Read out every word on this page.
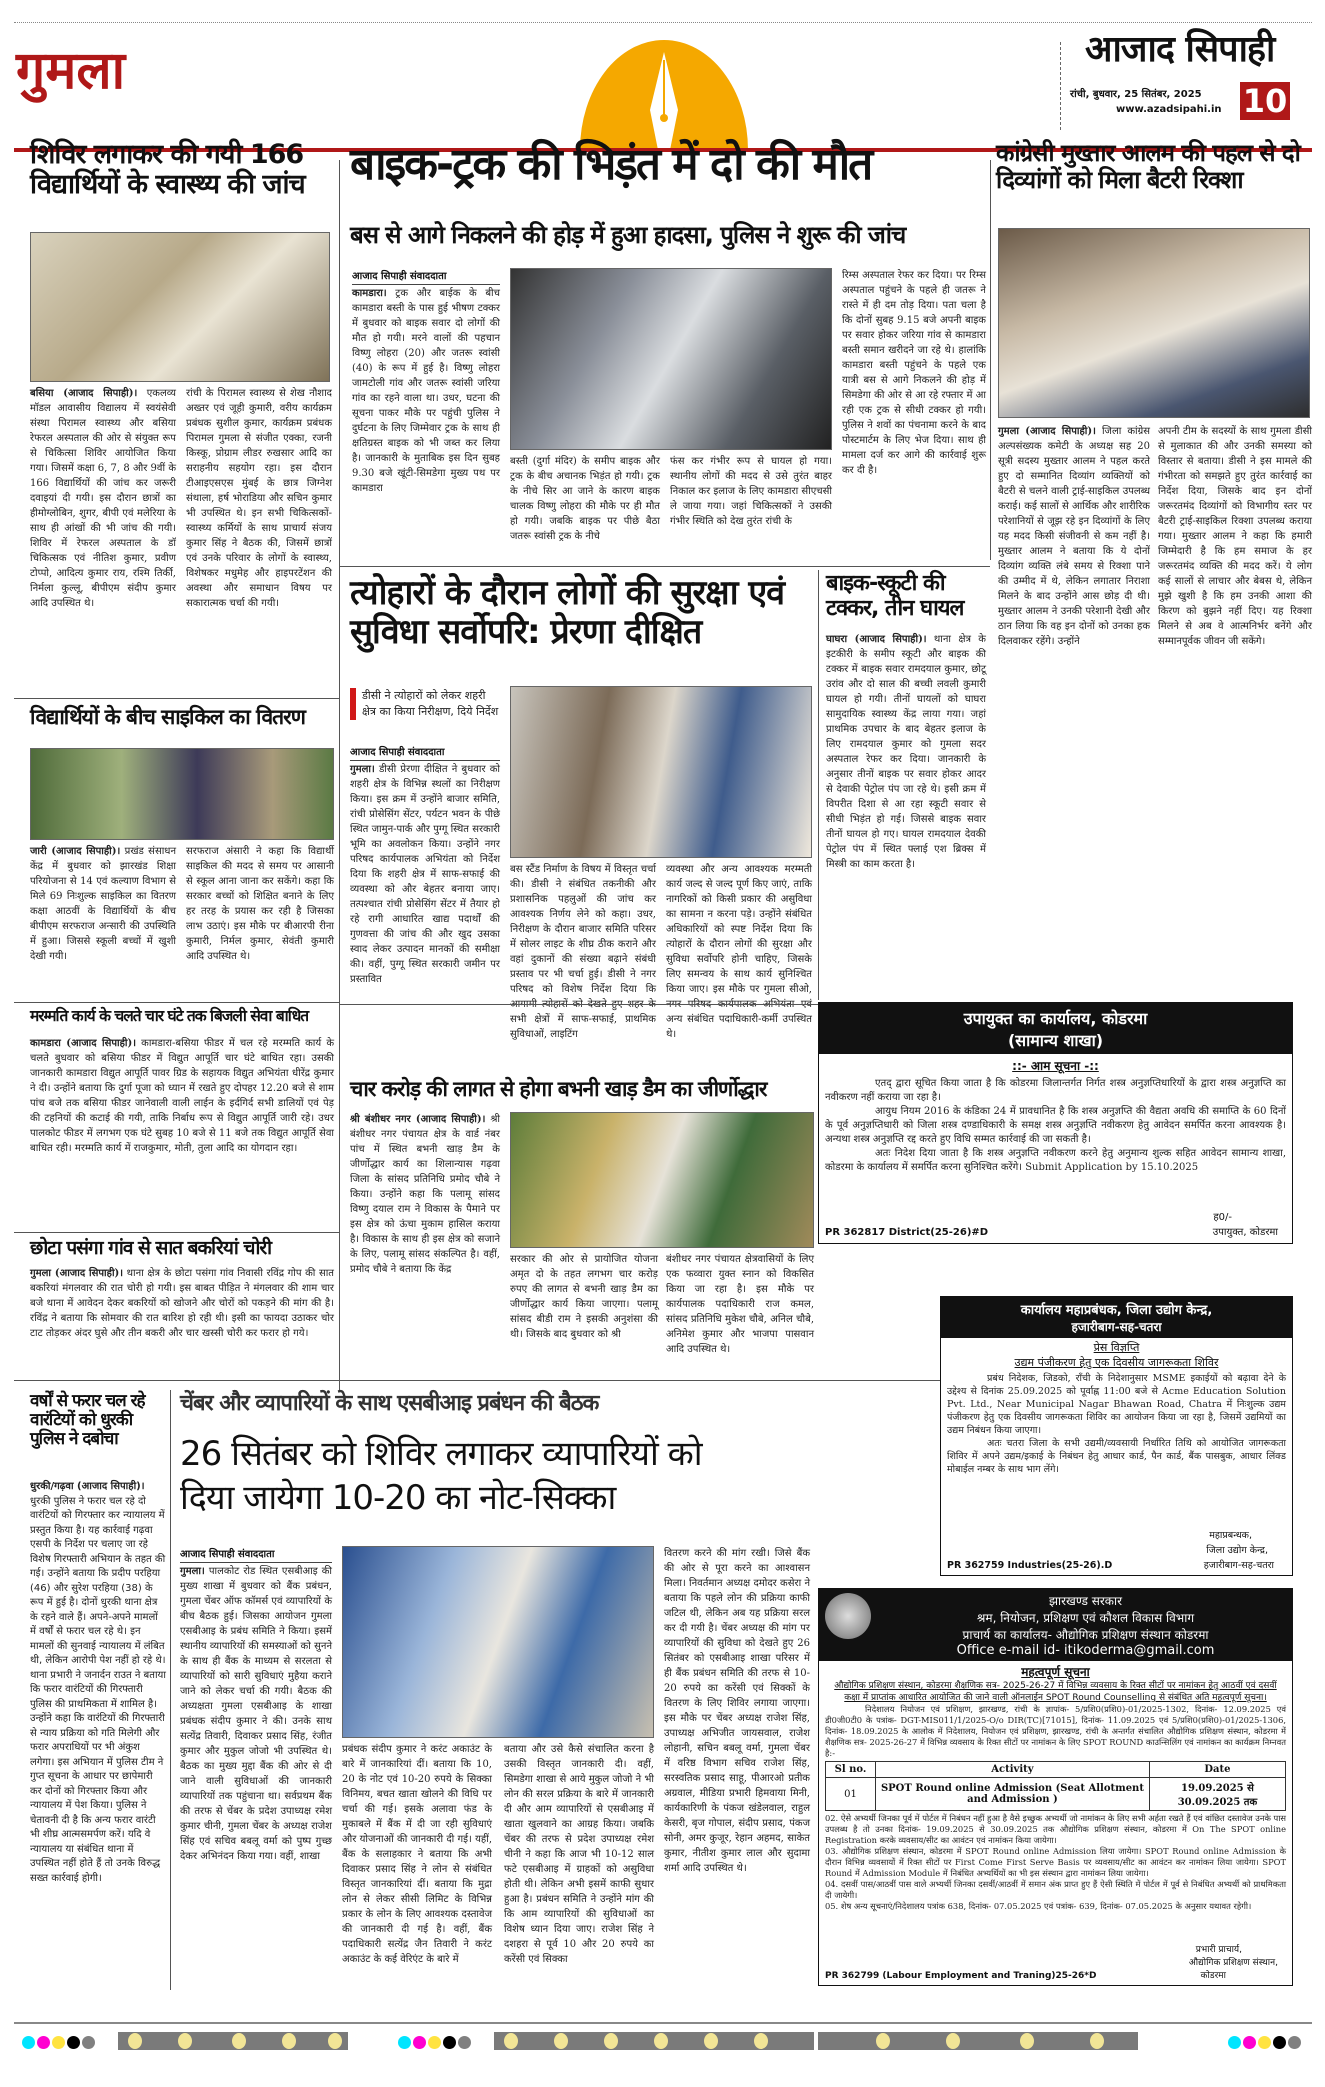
गुमला	आजाद सिपाही
रांची, बुधवार, 25 सितंबर, 2025
www.azadsipahi.in 10
शिविर लगाकर की गयी 166 विद्यार्थियों के स्वास्थ्य की जांच
बसिया (आजाद सिपाही)। एकलव्य मॉडल आवासीय विद्यालय में स्वयंसेवी संस्था पिरामल स्वास्थ्य और बसिया रेफरल अस्पताल की ओर से संयुक्त रूप से चिकित्सा शिविर आयोजित किया गया। जिसमें कक्षा 6, 7, 8 और 9वीं के 166 विद्यार्थियों की जांच कर जरूरी दवाइयां दी गयी। इस दौरान छात्रों का हीमोग्लोबिन, शुगर, बीपी एवं मलेरिया के साथ ही आंखों की भी जांच की गयी। शिविर में रेफरल अस्पताल के डॉ चिकित्सक एवं नीतिश कुमार, प्रवीण टोप्पो, आदित्य कुमार राय, रश्मि तिर्की, निर्मला कुल्लू, बीपीएम संदीप कुमार आदि उपस्थित थे।
रांची के पिरामल स्वास्थ्य से शेख नौशाद अख्तर एवं जूही कुमारी, वरीय कार्यक्रम प्रबंधक सुशील कुमार, कार्यक्रम प्रबंधक पिरामल गुमला से संजीत एक्का, रजनी किस्कू, प्रोग्राम लीडर रुखसार आदि का सराहनीय सहयोग रहा। इस दौरान टीआइएसएस मुंबई के छात्र जिग्नेश संथाला, हर्ष भोराडिया और सचिन कुमार भी उपस्थित थे। इन सभी चिकित्सकों-स्वास्थ्य कर्मियों के साथ प्राचार्य संजय कुमार सिंह ने बैठक की, जिसमें छात्रों एवं उनके परिवार के लोगों के स्वास्थ्य, विशेषकर मधुमेह और हाइपरटेंशन की अवस्था और समाधान विषय पर सकारात्मक चर्चा की गयी।
बाइक-ट्रक की भिड़ंत में दो की मौत
बस से आगे निकलने की होड़ में हुआ हादसा, पुलिस ने शुरू की जांच
आजाद सिपाही संवाददाता
कामडारा। ट्रक और बाईक के बीच कामडारा बस्ती के पास हुई भीषण टक्कर में बुधवार को बाइक सवार दो लोगों की मौत हो गयी। मरने वालों की पहचान विष्णु लोहरा (20) और जतरू स्वांसी (40) के रूप में हुई है। विष्णु लोहरा जामटोली गांव और जतरू स्वांसी जरिया गांव का रहने वाला था। उधर, घटना की सूचना पाकर मौके पर पहुंची पुलिस ने दुर्घटना के लिए जिम्मेवार ट्रक के साथ ही क्षतिग्रस्त बाइक को भी जब्त कर लिया है। जानकारी के मुताबिक इस दिन सुबह 9.30 बजे खूंटी-सिमडेगा मुख्य पथ पर कामडारा
बस्ती (दुर्गा मंदिर) के समीप बाइक और ट्रक के बीच अचानक भिड़ंत हो गयी। ट्रक के नीचे सिर आ जाने के कारण बाइक चालक विष्णु लोहरा की मौके पर ही मौत हो गयी। जबकि बाइक पर पीछे बैठा जतरू स्वांसी ट्रक के नीचे
फंस कर गंभीर रूप से घायल हो गया। स्थानीय लोगों की मदद से उसे तुरंत बाहर निकाल कर इलाज के लिए कामडारा सीएचसी ले जाया गया। जहां चिकित्सकों ने उसकी गंभीर स्थिति को देख तुरंत रांची के
रिम्स अस्पताल रेफर कर दिया। पर रिम्स अस्पताल पहुंचने के पहले ही जतरू ने रास्ते में ही दम तोड़ दिया। पता चला है कि दोनों सुबह 9.15 बजे अपनी बाइक पर सवार होकर जरिया गांव से कामडारा बस्ती समान खरीदने जा रहे थे। हालांकि कामडारा बस्ती पहुंचने के पहले एक यात्री बस से आगे निकलने की होड़ में सिमडेगा की ओर से आ रहे रफ्तार में आ रही एक ट्रक से सीधी टक्कर हो गयी। पुलिस ने शवों का पंचनामा करने के बाद पोस्टमार्टम के लिए भेज दिया। साथ ही मामला दर्ज कर आगे की कार्रवाई शुरू कर दी है।
कांग्रेसी मुख्तार आलम की पहल से दो दिव्यांगों को मिला बैटरी रिक्शा
गुमला (आजाद सिपाही)। जिला कांग्रेस अल्पसंख्यक कमेटी के अध्यक्ष सह 20 सूत्री सदस्य मुख्तार आलम ने पहल करते हुए दो सम्मानित दिव्यांग व्यक्तियों को बैटरी से चलने वाली ट्राई-साइकिल उपलब्ध कराई। कई सालों से आर्थिक और शारीरिक परेशानियों से जूझ रहे इन दिव्यांगों के लिए यह मदद किसी संजीवनी से कम नहीं है। मुख्तार आलम ने बताया कि ये दोनों दिव्यांग व्यक्ति लंबे समय से रिक्शा पाने की उम्मीद में थे, लेकिन लगातार निराशा मिलने के बाद उन्होंने आस छोड़ दी थी। मुख्तार आलम ने उनकी परेशानी देखी और ठान लिया कि वह इन दोनों को उनका हक दिलवाकर रहेंगे। उन्होंने
अपनी टीम के सदस्यों के साथ गुमला डीसी से मुलाकात की और उनकी समस्या को विस्तार से बताया। डीसी ने इस मामले की गंभीरता को समझते हुए तुरंत कार्रवाई का निर्देश दिया, जिसके बाद इन दोनों जरूरतमंद दिव्यांगों को विभागीय स्तर पर बैटरी ट्राई-साइकिल रिक्शा उपलब्ध कराया गया। मुख्तार आलम ने कहा कि हमारी जिम्मेदारी है कि हम समाज के हर जरूरतमंद व्यक्ति की मदद करें। ये लोग कई सालों से लाचार और बेबस थे, लेकिन मुझे खुशी है कि हम उनकी आशा की किरण को बुझने नहीं दिए। यह रिक्शा मिलने से अब वे आत्मनिर्भर बनेंगे और सम्मानपूर्वक जीवन जी सकेंगे।
त्योहारों के दौरान लोगों की सुरक्षा एवं सुविधा सर्वोपरि: प्रेरणा दीक्षित
डीसी ने त्योहारों को लेकर शहरी क्षेत्र का किया निरीक्षण, दिये निर्देश
आजाद सिपाही संवाददाता
गुमला। डीसी प्रेरणा दीक्षित ने बुधवार को शहरी क्षेत्र के विभिन्न स्थलों का निरीक्षण किया। इस क्रम में उन्होंने बाजार समिति, रांची प्रोसेसिंग सेंटर, पर्यटन भवन के पीछे स्थित जामुन-पार्क और पुग्गू स्थित सरकारी भूमि का अवलोकन किया। उन्होंने नगर परिषद कार्यपालक अभियंता को निर्देश दिया कि शहरी क्षेत्र में साफ-सफाई की व्यवस्था को और बेहतर बनाया जाए। तत्पश्चात रांची प्रोसेसिंग सेंटर में तैयार हो रहे रागी आधारित खाद्य पदार्थों की गुणवत्ता की जांच की और खुद उसका स्वाद लेकर उत्पादन मानकों की समीक्षा की। वहीं, पुग्गू स्थित सरकारी जमीन पर प्रस्तावित
बस स्टैंड निर्माण के विषय में विस्तृत चर्चा की। डीसी ने संबंधित तकनीकी और प्रशासनिक पहलुओं की जांच कर आवश्यक निर्णय लेने को कहा। उधर, निरीक्षण के दौरान बाजार समिति परिसर में सोलर लाइट के शीघ्र ठीक कराने और वहां दुकानों की संख्या बढ़ाने संबंधी प्रस्ताव पर भी चर्चा हुई। डीसी ने नगर परिषद को विशेष निर्देश दिया कि सभी क्षेत्रों में साफ-सफाई, प्राथमिक सुविधाओं, लाइटिंग
व्यवस्था और अन्य आवश्यक मरम्मती कार्य जल्द से जल्द पूर्ण किए जाएं, ताकि नागरिकों को किसी प्रकार की असुविधा का सामना न करना पड़े। उन्होंने संबंधित अधिकारियों को स्पष्ट निर्देश दिया कि त्योहारों के दौरान लोगों की सुरक्षा और सुविधा सर्वोपरि होनी चाहिए, जिसके लिए समन्वय के साथ कार्य सुनिश्चित किया जाए। इस मौके पर गुमला सीओ, अन्य संबंधित पदाधिकारी-कर्मी उपस्थित थे।
बाइक-स्कूटी की टक्कर, तीन घायल
घाघरा (आजाद सिपाही)। थाना क्षेत्र के इटकीरी के समीप स्कूटी और बाइक की टक्कर में बाइक सवार रामदयाल कुमार, छोटू उरांव और दो साल की बच्ची लवली कुमारी घायल हो गयी। तीनों घायलों को घाघरा सामुदायिक स्वास्थ्य केंद्र लाया गया। जहां प्राथमिक उपचार के बाद बेहतर इलाज के लिए रामदयाल कुमार को गुमला सदर अस्पताल रेफर कर दिया। जानकारी के अनुसार तीनों बाइक पर सवार होकर आदर से देवाकी पेट्रोल पंप जा रहे थे। इसी क्रम में विपरीत दिशा से आ रहा स्कूटी सवार से सीधी भिड़ंत हो गई। जिससे बाइक सवार तीनों घायल हो गए। घायल रामदयाल देवकी पेट्रोल पंप में स्थित फ्लाई एश ब्रिक्स में मिस्त्री का काम करता है।
विद्यार्थियों के बीच साइकिल का वितरण
जारी (आजाद सिपाही)। प्रखंड संसाधन केंद्र में बुधवार को झारखंड शिक्षा परियोजना से 14 एवं कल्याण विभाग से मिले 69 निःशुल्क साइकिल का वितरण कक्षा आठवीं के विद्यार्थियों के बीच बीपीएम सरफराज अन्सारी की उपस्थिति में हुआ। जिससे स्कूली बच्चों में खुशी देखी गयी।
सरफराज अंसारी ने कहा कि विद्यार्थी साइकिल की मदद से समय पर आसानी से स्कूल आना जाना कर सकेंगे। कहा कि सरकार बच्चों को शिक्षित बनाने के लिए हर तरह के प्रयास कर रही है जिसका लाभ उठाएं। इस मौके पर बीआरपी रीना कुमारी, निर्मल कुमार, सेवंती कुमारी आदि उपस्थित थे।
मरम्मति कार्य के चलते चार घंटे तक बिजली सेवा बाधित
कामडारा (आजाद सिपाही)। कामडारा-बसिया फीडर में चल रहे मरम्मति कार्य के चलते बुधवार को बसिया फीडर में विद्युत आपूर्ति चार घंटे बाधित रहा। उसकी जानकारी कामडारा विद्युत आपूर्ति पावर ग्रिड के सहायक विद्युत अभियंता धीरेंद्र कुमार ने दी। उन्होंने बताया कि दुर्गा पूजा को ध्यान में रखते हुए दोपहर 12.20 बजे से शाम पांच बजे तक बसिया फीडर जानेवाली वाली लाईन के इर्दगिर्द सभी डालियों एवं पेड़ की टहनियों की कटाई की गयी, ताकि निर्बाध रूप से विद्युत आपूर्ति जारी रहे। उधर पालकोट फीडर में लगभग एक घंटे सुबह 10 बजे से 11 बजे तक विद्युत आपूर्ति सेवा बाधित रही। मरम्मति कार्य में राजकुमार, मोती, तुला आदि का योगदान रहा।
छोटा पसंगा गांव से सात बकरियां चोरी
गुमला (आजाद सिपाही)। थाना क्षेत्र के छोटा पसंगा गांव निवासी रविंद्र गोप की सात बकरियां मंगलवार की रात चोरी हो गयी। इस बाबत पीड़ित ने मंगलवार की शाम चार बजे थाना में आवेदन देकर बकरियों को खोजने और चोरों को पकड़ने की मांग की है। रविंद्र ने बताया कि सोमवार की रात बारिश हो रही थी। इसी का फायदा उठाकर चोर टाट तोड़कर अंदर घुसे और तीन बकरी और चार खस्सी चोरी कर फरार हो गये।
चार करोड़ की लागत से होगा बभनी खाड़ डैम का जीर्णोद्धार
श्री बंशीधर नगर (आजाद सिपाही)। श्री बंशीधर नगर पंचायत क्षेत्र के वार्ड नंबर पांच में स्थित बभनी खाड़ डैम के जीर्णोद्धार कार्य का शिलान्यास गढ़वा जिला के सांसद प्रतिनिधि प्रमोद चौबे ने किया। उन्होंने कहा कि पलामू सांसद विष्णु दयाल राम ने विकास के पैमाने पर इस क्षेत्र को ऊंचा मुकाम हासिल कराया है। विकास के साथ ही इस क्षेत्र को सजाने के लिए, पलामू सांसद संकल्पित है। वहीं, प्रमोद चौबे ने बताया कि केंद्र
सरकार की ओर से प्रायोजित योजना अमृत दो के तहत लगभग चार करोड़ रुपए की लागत से बभनी खाड़ डैम का जीर्णोद्धार कार्य किया जाएगा। पलामू सांसद बीडी राम ने इसकी अनुशंसा की थी। जिसके बाद बुधवार को श्री
बंशीधर नगर पंचायत क्षेत्रवासियों के लिए एक फव्वारा युक्त स्नान को विकसित किया जा रहा है। इस मौके पर कार्यपालक पदाधिकारी राज कमल, सांसद प्रतिनिधि मुकेश चौबे, अनिल चौबे, अनिमेश कुमार और भाजपा पासवान आदि उपस्थित थे।
उपायुक्त का कार्यालय, कोडरमा
(सामान्य शाखा)
::- आम सूचना -::
एतद् द्वारा सूचित किया जाता है कि कोडरमा जिलान्तर्गत निर्गत शस्त्र अनुज्ञप्तिधारियों के द्वारा शस्त्र अनुज्ञप्ति का नवीकरण नहीं कराया जा रहा है।
आयुध नियम 2016 के कंडिका 24 में प्रावधानित है कि शस्त्र अनुज्ञप्ति की वैद्यता अवधि की समाप्ति के 60 दिनों के पूर्व अनुज्ञप्तिधारी को जिला शस्त्र दण्डाधिकारी के समक्ष शस्त्र अनुज्ञप्ति नवीकरण हेतु आवेदन समर्पित करना आवश्यक है। अन्यथा शस्त्र अनुज्ञप्ति रद्द करते हुए विधि सम्मत कार्रवाई की जा सकती है।
अतः निदेश दिया जाता है कि शस्त्र अनुज्ञप्ति नवीकरण करने हेतु अनुमान्य शुल्क सहित आवेदन सामान्य शाखा, कोडरमा के कार्यालय में समर्पित करना सुनिश्चित करेंगे। Submit Application by 15.10.2025
ह0/-
उपायुक्त, कोडरमा
PR 362817 District(25-26)#D
कार्यालय महाप्रबंधक, जिला उद्योग केन्द्र,
हजारीबाग-सह-चतरा
प्रेस विज्ञप्ति
उद्यम पंजीकरण हेतु एक दिवसीय जागरूकता शिविर
प्रबंध निदेशक, जिडको, राँची के निदेशानुसार MSME इकाईयों को बढ़ावा देने के उद्देश्य से दिनांक 25.09.2025 को पूर्वाह्न 11:00 बजे से Acme Education Solution Pvt. Ltd., Near Municipal Nagar Bhawan Road, Chatra में निःशुल्क उद्यम पंजीकरण हेतु एक दिवसीय जागरूकता शिविर का आयोजन किया जा रहा है, जिसमें उद्यमियों का उद्यम निबंधन किया जाएगा।
अतः चतरा जिला के सभी उद्यमी/व्यवसायी निर्धारित तिथि को आयोजित जागरूकता शिविर में अपने उद्यम/इकाई के निबंधन हेतु आधार कार्ड, पैन कार्ड, बैंक पासबुक, आधार लिंक्ड मोबाईल नम्बर के साथ भाग लेंगे।
महाप्रबन्धक,
जिला उद्योग केन्द्र,
हजारीबाग-सह-चतरा
PR 362759 Industries(25-26).D
वर्षों से फरार चल रहे वारंटियों को धुरकी पुलिस ने दबोचा
धुरकी/गढ़वा (आजाद सिपाही)। धुरकी पुलिस ने फरार चल रहे दो वारंटियों को गिरफ्तार कर न्यायालय में प्रस्तुत किया है। यह कार्रवाई गढ़वा एसपी के निर्देश पर चलाए जा रहे विशेष गिरफ्तारी अभियान के तहत की गई। उन्होंने बताया कि प्रदीप परहिया (46) और सुरेश परहिया (38) के रूप में हुई है। दोनों धुरकी थाना क्षेत्र के रहने वाले हैं। अपने-अपने मामलों में वर्षों से फरार चल रहे थे। इन मामलों की सुनवाई न्यायालय में लंबित थी, लेकिन आरोपी पेश नहीं हो रहे थे। थाना प्रभारी ने जनार्दन राउत ने बताया कि फरार वारंटियों की गिरफ्तारी पुलिस की प्राथमिकता में शामिल है। उन्होंने कहा कि वारंटियों की गिरफ्तारी से न्याय प्रक्रिया को गति मिलेगी और फरार अपराधियों पर भी अंकुश लगेगा। इस अभियान में पुलिस टीम ने गुप्त सूचना के आधार पर छापेमारी कर दोनों को गिरफ्तार किया और न्यायालय में पेश किया। पुलिस ने चेतावनी दी है कि अन्य फरार वारंटी भी शीघ्र आत्मसमर्पण करें। यदि वे न्यायालय या संबंधित थाना में उपस्थित नहीं होते हैं तो उनके विरुद्ध सख्त कार्रवाई होगी।
चेंबर और व्यापारियों के साथ एसबीआइ प्रबंधन की बैठक
26 सितंबर को शिविर लगाकर व्यापारियों को दिया जायेगा 10-20 का नोट-सिक्का
आजाद सिपाही संवाददाता
गुमला। पालकोट रोड स्थित एसबीआइ की मुख्य शाखा में बुधवार को बैंक प्रबंधन, गुमला चेंबर ऑफ कॉमर्स एवं व्यापारियों के बीच बैठक हुई। जिसका आयोजन गुमला एसबीआइ के प्रबंध समिति ने किया। इसमें स्थानीय व्यापारियों की समस्याओं को सुनने के साथ ही बैंक के माध्यम से सरलता से व्यापारियों को सारी सुविधाएं मुहैया कराने जाने को लेकर चर्चा की गयी। बैठक की अध्यक्षता गुमला एसबीआइ के शाखा प्रबंधक संदीप कुमार ने की। उनके साथ सत्येंद्र तिवारी, दिवाकर प्रसाद सिंह, रंजीत कुमार और मुकुल जोजो भी उपस्थित थे। बैठक का मुख्य मुद्दा बैंक की ओर से दी जाने वाली सुविधाओं की जानकारी व्यापारियों तक पहुंचाना था। सर्वप्रथम बैंक की तरफ से चेंबर के प्रदेश उपाध्यक्ष रमेश कुमार चीनी, गुमला चेंबर के अध्यक्ष राजेश सिंह एवं सचिव बबलू वर्मा को पुष्प गुच्छ देकर अभिनंदन किया गया। वहीं, शाखा
प्रबंधक संदीप कुमार ने करंट अकाउंट के बारे में जानकारियां दीं। बताया कि 10, 20 के नोट एवं 10-20 रुपये के सिक्का विनिमय, बचत खाता खोलने की विधि पर चर्चा की गई। इसके अलावा फंड के मुकाबले में बैंक में दी जा रही सुविधाएं और योजनाओं की जानकारी दी गई। यहीं, बैंक के सलाहकार ने बताया कि अभी दिवाकर प्रसाद सिंह ने लोन से संबंधित विस्तृत जानकारियां दीं। बताया कि मुद्रा लोन से लेकर सीसी लिमिट के विभिन्न प्रकार के लोन के लिए आवश्यक दस्तावेज की जानकारी दी गई है। वहीं, बैंक पदाधिकारी सत्येंद्र जैन तिवारी ने करंट अकाउंट के कई वेरिएंट के बारे में
बताया और उसे कैसे संचालित करना है उसकी विस्तृत जानकारी दी। वहीं, सिमडेगा शाखा से आये मुकुल जोजो ने भी लोन की सरल प्रक्रिया के बारे में जानकारी दी और आम व्यापारियों से एसबीआइ में खाता खुलवाने का आग्रह किया। जबकि चेंबर की तरफ से प्रदेश उपाध्यक्ष रमेश चीनी ने कहा कि आज भी 10-12 साल फटे एसबीआइ में ग्राहकों को असुविधा होती थी। लेकिन अभी इसमें काफी सुधार हुआ है। प्रबंधन समिति ने उन्होंने मांग की कि आम व्यापारियों की सुविधाओं का विशेष ध्यान दिया जाए। राजेश सिंह ने दशहरा से पूर्व 10 और 20 रुपये का करेंसी एवं सिक्का
वितरण करने की मांग रखी। जिसे बैंक की ओर से पूरा करने का आश्वासन मिला। निवर्तमान अध्यक्ष दमोदर कसेरा ने बताया कि पहले लोन की प्रक्रिया काफी जटिल थी, लेकिन अब यह प्रक्रिया सरल कर दी गयी है। चेंबर अध्यक्ष की मांग पर व्यापारियों की सुविधा को देखते हुए 26 सितंबर को एसबीआइ शाखा परिसर में ही बैंक प्रबंधन समिति की तरफ से 10-20 रुपये का करेंसी एवं सिक्कों के वितरण के लिए शिविर लगाया जाएगा। इस मौके पर चेंबर अध्यक्ष राजेश सिंह, उपाध्यक्ष अभिजीत जायसवाल, राजेश लोहानी, सचिन बबलू वर्मा, गुमला चेंबर में वरिष्ठ विभाग सचिव राजेश सिंह, सरस्वतिक प्रसाद साहू, पीआरओ प्रतीक अग्रवाल, मीडिया प्रभारी हिमवाया मिनी, कार्यकारिणी के पंकज खंडेलवाल, राहुल केसरी, बृज गोपाल, संदीप प्रसाद, पंकज सोनी, अमर कुजूर, रेहान अहमद, साकेत कुमार, नीतीश कुमार लाल और सुदामा शर्मा आदि उपस्थित थे।
झारखण्ड सरकार
श्रम, नियोजन, प्रशिक्षण एवं कौशल विकास विभाग
प्राचार्य का कार्यालय- औद्योगिक प्रशिक्षण संस्थान कोडरमा
Office e-mail id- itikoderma@gmail.com
महत्वपूर्ण सूचना
औद्योगिक प्रशिक्षण संस्थान, कोडरमा शैक्षणिक सत्र- 2025-26-27 में विभिन्न व्यवसाय के रिक्त सीटों पर नामांकन हेतु आठवीं एवं दसवीं कक्षा में प्राप्तांक आधारित आयोजित की जाने वाली ऑनलाईन SPOT Round Counselling से संबंधित अति महत्वपूर्ण सूचना।
निदेशालय नियोजन एवं प्रशिक्षण, झारखण्ड, रांची के ज्ञापांक- 5/प्रशि0(प्रशि0)-01/2025-1302, दिनांक- 12.09.2025 एवं डी0जी0टी0 के पत्रांक- DGT-MIS011/1/2025-O/o DIR(TC)[71015], दिनांक- 11.09.2025 एवं 5/प्रशि0(प्रशि0)-01/2025-1306, दिनांक- 18.09.2025 के आलोक में निदेशालय, नियोजन एवं प्रशिक्षण, झारखण्ड, रांची के अन्तर्गत संचालित औद्योगिक प्रशिक्षण संस्थान, कोडरमा में शैक्षणिक सत्र- 2025-26-27 में विभिन्न व्यवसाय के रिक्त सीटों पर नामांकन के लिए SPOT ROUND काउन्सिलिंग एवं नामांकन का कार्यक्रम निम्नवत है:-
Sl no.	Activity	Date
01	SPOT Round online Admission (Seat Allotment and Admission )	19.09.2025 से 30.09.2025 तक
02. ऐसे अभ्यर्थी जिनका पूर्व में पोर्टल में निबंधन नहीं हुआ है वैसे इच्छुक अभ्यर्थी जो नामांकन के लिए सभी अर्हता रखते हैं एवं वांछित दस्तावेज उनके पास उपलब्ध है तो उनका दिनांक- 19.09.2025 से 30.09.2025 तक औद्योगिक प्रशिक्षण संस्थान, कोडरमा में On The SPOT online Registration करके व्यवसाय/सीट का आवंटन एवं नामांकन किया जायेगा।
03. औद्योगिक प्रशिक्षण संस्थान, कोडरमा में SPOT Round online Admission लिया जायेगा। SPOT Round online Admission के दौरान विभिन्न व्यवसायों में रिक्त सीटों पर First Come First Serve Basis पर व्यवसाय/सीट का आवंटन कर नामांकन लिया जायेगा। SPOT Round में Admission Module में निबंधित अभ्यर्थियों का भी इस संस्थान द्वारा नामांकन लिया जायेगा।
04. दसवीं पास/आठवीं पास वाले अभ्यर्थी जिनका दसवीं/आठवीं में समान अंक प्राप्त हुए हैं ऐसी स्थिति में पोर्टल में पूर्व से निबंधित अभ्यर्थी को प्राथमिकता दी जायेगी।
05. शेष अन्य सूचनाएं/निदेशालय पत्रांक 638, दिनांक- 07.05.2025 एवं पत्रांक- 639, दिनांक- 07.05.2025 के अनुसार यथावत रहेगी।
प्रभारी प्राचार्य,
औद्योगिक प्रशिक्षण संस्थान,
कोडरमा
PR 362799 (Labour Employment and Traning)25-26*D
